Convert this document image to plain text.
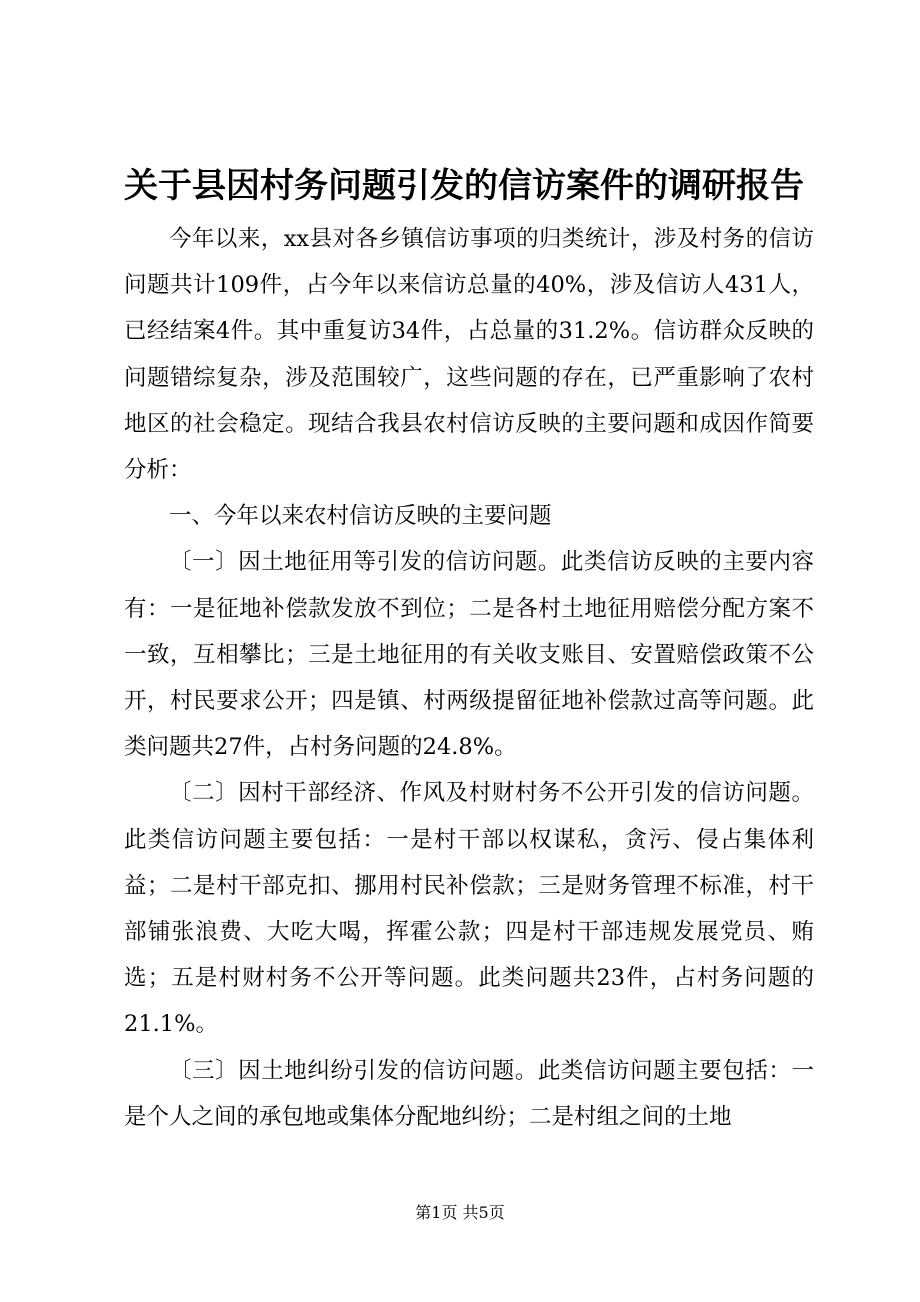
关于县因村务问题引发的信访案件的调研报告

今年以来，xx县对各乡镇信访事项的归类统计，涉及村务的信访问题共计109件，占今年以来信访总量的40%，涉及信访人431人，已经结案4件。其中重复访34件，占总量的31.2%。信访群众反映的问题错综复杂，涉及范围较广，这些问题的存在，已严重影响了农村地区的社会稳定。现结合我县农村信访反映的主要问题和成因作简要分析：

一、今年以来农村信访反映的主要问题

〔一〕因土地征用等引发的信访问题。此类信访反映的主要内容有：一是征地补偿款发放不到位；二是各村土地征用赔偿分配方案不一致，互相攀比；三是土地征用的有关收支账目、安置赔偿政策不公开，村民要求公开；四是镇、村两级提留征地补偿款过高等问题。此类问题共27件，占村务问题的24.8%。

〔二〕因村干部经济、作风及村财村务不公开引发的信访问题。此类信访问题主要包括：一是村干部以权谋私，贪污、侵占集体利益；二是村干部克扣、挪用村民补偿款；三是财务管理不标准，村干部铺张浪费、大吃大喝，挥霍公款；四是村干部违规发展党员、贿选；五是村财村务不公开等问题。此类问题共23件，占村务问题的21.1%。

〔三〕因土地纠纷引发的信访问题。此类信访问题主要包括：一是个人之间的承包地或集体分配地纠纷；二是村组之间的土地

第1页 共5页
